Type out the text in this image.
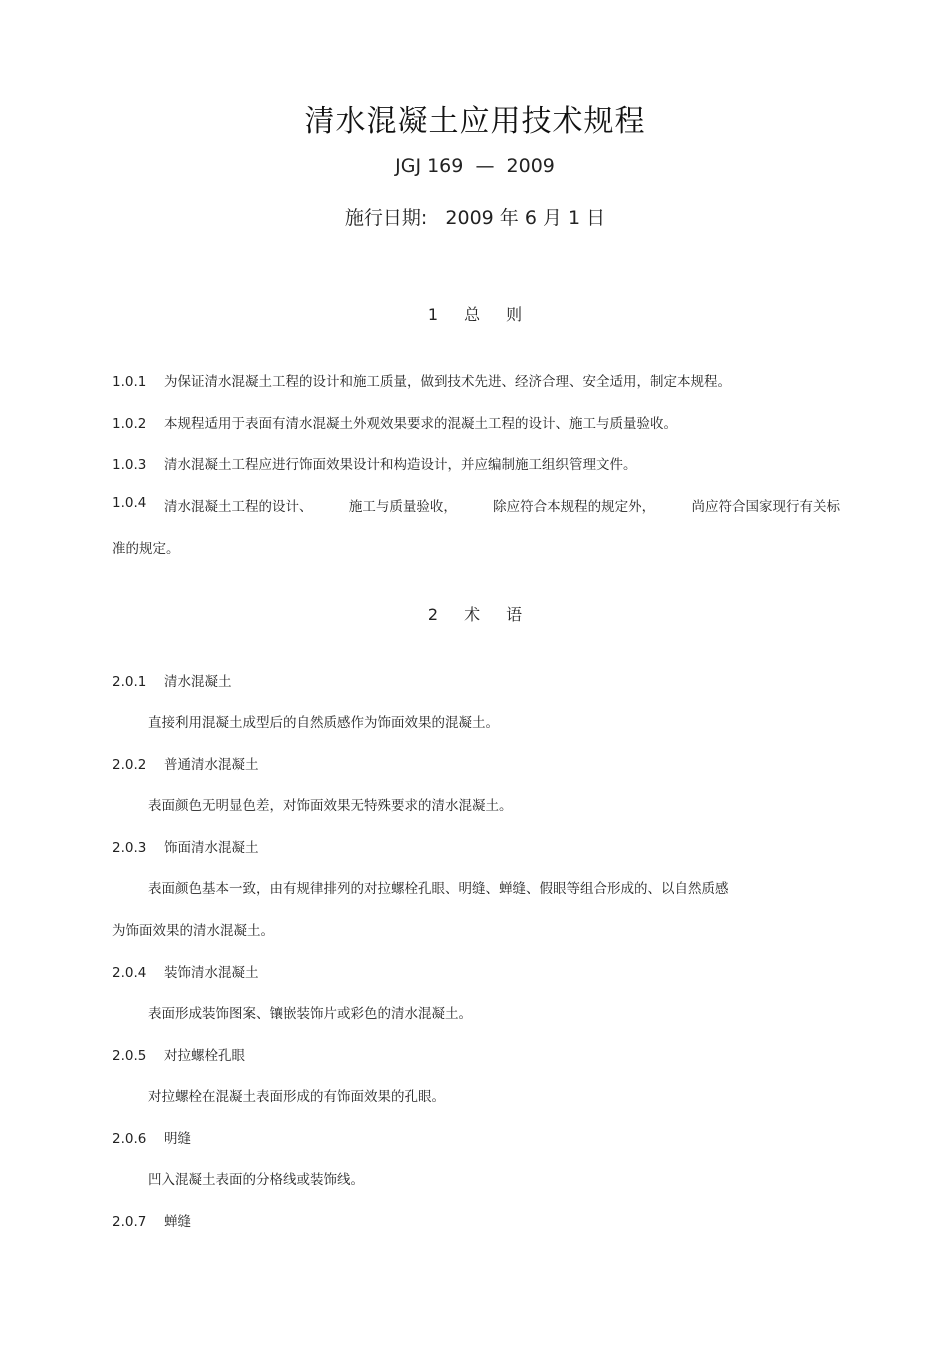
清水混凝土应用技术规程
JGJ 169  —  2009
施行日期:   2009 年 6 月 1 日
1 总 则
1.0.1 为保证清水混凝土工程的设计和施工质量，做到技术先进、经济合理、安全适用，制定本规程。
1.0.2 本规程适用于表面有清水混凝土外观效果要求的混凝土工程的设计、施工与质量验收。
1.0.3 清水混凝土工程应进行饰面效果设计和构造设计，并应编制施工组织管理文件。
1.0.4	清水混凝土工程的设计、	施工与质量验收，	除应符合本规程的规定外，	尚应符合国家现行有关标
准的规定。
2 术 语
2.0.1 清水混凝土
直接利用混凝土成型后的自然质感作为饰面效果的混凝土。
2.0.2 普通清水混凝土
表面颜色无明显色差，对饰面效果无特殊要求的清水混凝土。
2.0.3 饰面清水混凝土
表面颜色基本一致，由有规律排列的对拉螺栓孔眼、明缝、蝉缝、假眼等组合形成的、以自然质感
为饰面效果的清水混凝土。
2.0.4 装饰清水混凝土
表面形成装饰图案、镶嵌装饰片或彩色的清水混凝土。
2.0.5 对拉螺栓孔眼
对拉螺栓在混凝土表面形成的有饰面效果的孔眼。
2.0.6 明缝
凹入混凝土表面的分格线或装饰线。
2.0.7 蝉缝
